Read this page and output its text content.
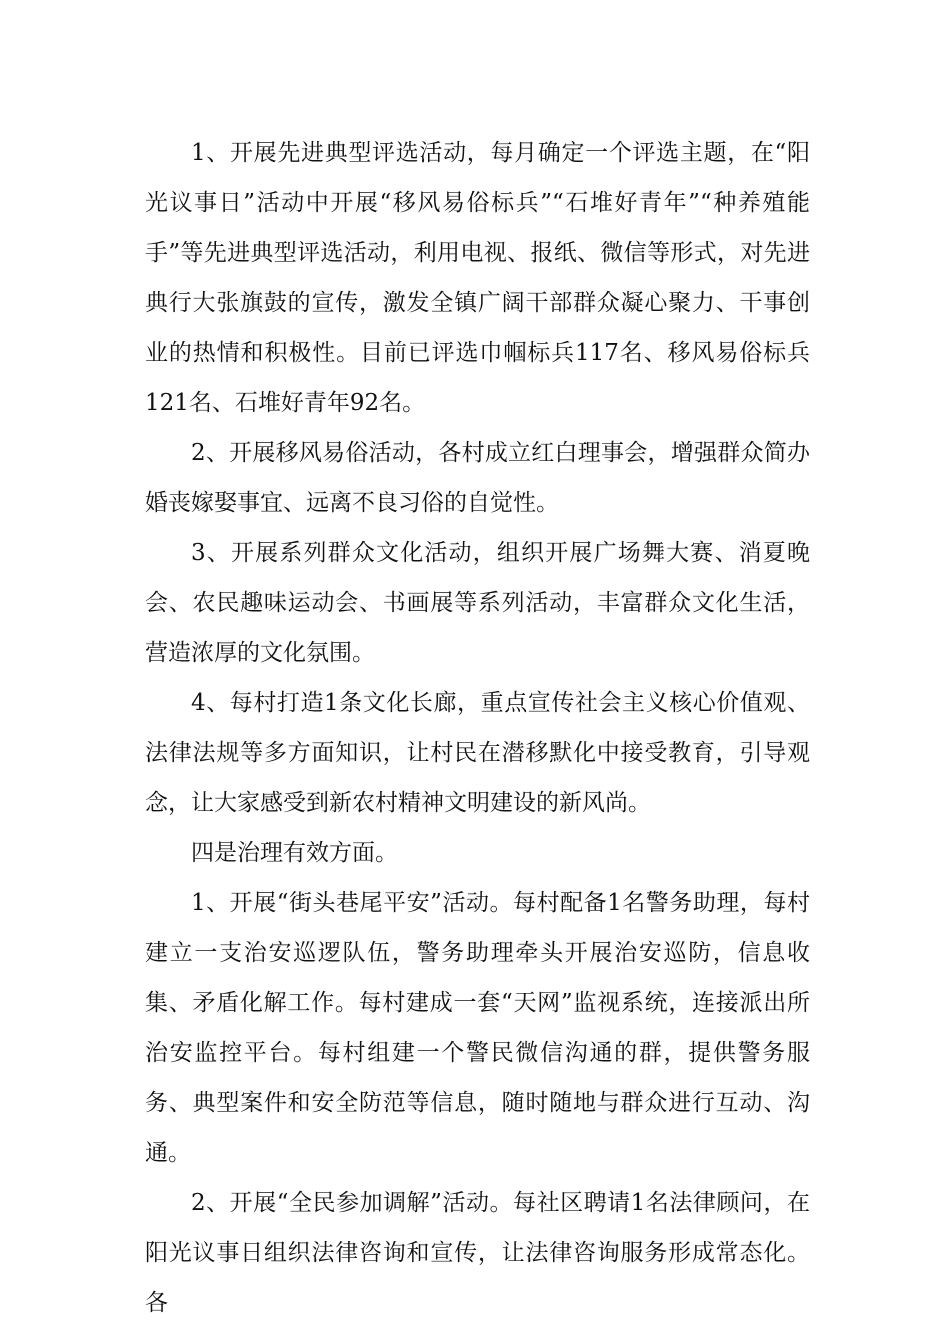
1、开展先进典型评选活动，每月确定一个评选主题，在“阳光议事日”活动中开展“移风易俗标兵”“石堆好青年”“种养殖能手”等先进典型评选活动，利用电视、报纸、微信等形式，对先进典行大张旗鼓的宣传，激发全镇广阔干部群众凝心聚力、干事创业的热情和积极性。目前已评选巾帼标兵117名、移风易俗标兵121名、石堆好青年92名。

2、开展移风易俗活动，各村成立红白理事会，增强群众简办婚丧嫁娶事宜、远离不良习俗的自觉性。

3、开展系列群众文化活动，组织开展广场舞大赛、消夏晚会、农民趣味运动会、书画展等系列活动，丰富群众文化生活，营造浓厚的文化氛围。

4、每村打造1条文化长廊，重点宣传社会主义核心价值观、法律法规等多方面知识，让村民在潜移默化中接受教育，引导观念，让大家感受到新农村精神文明建设的新风尚。

四是治理有效方面。

1、开展“街头巷尾平安”活动。每村配备1名警务助理，每村建立一支治安巡逻队伍，警务助理牵头开展治安巡防，信息收集、矛盾化解工作。每村建成一套“天网”监视系统，连接派出所治安监控平台。每村组建一个警民微信沟通的群，提供警务服务、典型案件和安全防范等信息，随时随地与群众进行互动、沟通。

2、开展“全民参加调解”活动。每社区聘请1名法律顾问，在阳光议事日组织法律咨询和宣传，让法律咨询服务形成常态化。各
